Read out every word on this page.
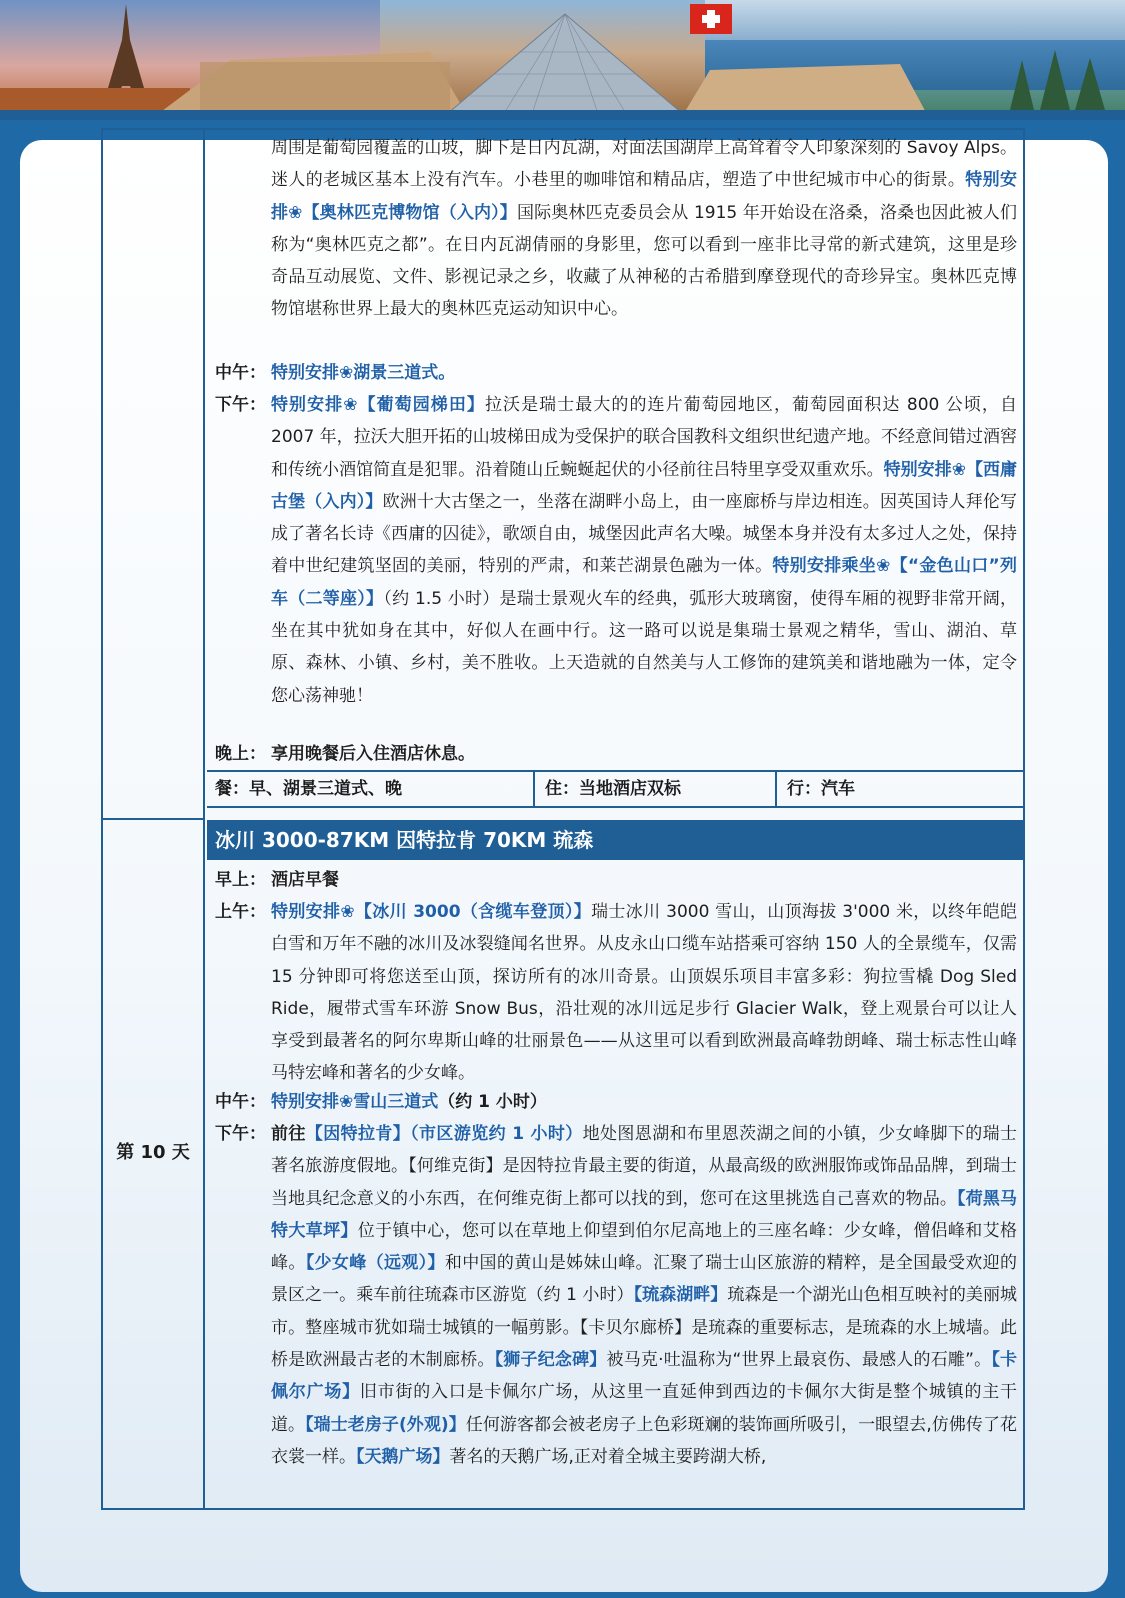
第 10 天
周围是葡萄园覆盖的山坡，脚下是日内瓦湖，对面法国湖岸上高耸着令人印象深刻的 Savoy Alps。迷人的老城区基本上没有汽车。小巷里的咖啡馆和精品店，塑造了中世纪城市中心的街景。特别安排❀【奥林匹克博物馆（入内）】国际奥林匹克委员会从 1915 年开始设在洛桑，洛桑也因此被人们称为“奥林匹克之都”。在日内瓦湖倩丽的身影里，您可以看到一座非比寻常的新式建筑，这里是珍奇品互动展览、文件、影视记录之乡，收藏了从神秘的古希腊到摩登现代的奇珍异宝。奥林匹克博物馆堪称世界上最大的奥林匹克运动知识中心。
中午： 特别安排❀湖景三道式。
下午： 特别安排❀【葡萄园梯田】拉沃是瑞士最大的的连片葡萄园地区，葡萄园面积达 800 公顷，自 2007 年，拉沃大胆开拓的山坡梯田成为受保护的联合国教科文组织世纪遗产地。不经意间错过酒窖和传统小酒馆简直是犯罪。沿着随山丘蜿蜒起伏的小径前往吕特里享受双重欢乐。特别安排❀【西庸古堡（入内）】欧洲十大古堡之一，坐落在湖畔小岛上，由一座廊桥与岸边相连。因英国诗人拜伦写成了著名长诗《西庸的囚徒》，歌颂自由，城堡因此声名大噪。城堡本身并没有太多过人之处，保持着中世纪建筑坚固的美丽，特别的严肃，和莱芒湖景色融为一体。特别安排乘坐❀【“金色山口”列车（二等座）】（约 1.5 小时）是瑞士景观火车的经典，弧形大玻璃窗，使得车厢的视野非常开阔，坐在其中犹如身在其中，好似人在画中行。这一路可以说是集瑞士景观之精华，雪山、湖泊、草原、森林、小镇、乡村，美不胜收。上天造就的自然美与人工修饰的建筑美和谐地融为一体，定令您心荡神驰！
晚上： 享用晚餐后入住酒店休息。
餐：早、湖景三道式、晚	住：当地酒店双标	行：汽车
冰川 3000-87KM 因特拉肯 70KM 琉森
早上： 酒店早餐
上午： 特别安排❀【冰川 3000（含缆车登顶）】瑞士冰川 3000 雪山，山顶海拔 3'000 米，以终年皑皑白雪和万年不融的冰川及冰裂缝闻名世界。从皮永山口缆车站搭乘可容纳 150 人的全景缆车，仅需 15 分钟即可将您送至山顶，探访所有的冰川奇景。山顶娱乐项目丰富多彩：狗拉雪橇 Dog Sled Ride，履带式雪车环游 Snow Bus，沿壮观的冰川远足步行 Glacier Walk，登上观景台可以让人享受到最著名的阿尔卑斯山峰的壮丽景色——从这里可以看到欧洲最高峰勃朗峰、瑞士标志性山峰马特宏峰和著名的少女峰。
中午： 特别安排❀雪山三道式（约 1 小时）
下午： 前往【因特拉肯】（市区游览约 1 小时）地处图恩湖和布里恩茨湖之间的小镇，少女峰脚下的瑞士著名旅游度假地。【何维克街】是因特拉肯最主要的街道，从最高级的欧洲服饰或饰品品牌，到瑞士当地具纪念意义的小东西，在何维克街上都可以找的到，您可在这里挑选自己喜欢的物品。【荷黑马特大草坪】位于镇中心，您可以在草地上仰望到伯尔尼高地上的三座名峰：少女峰，僧侣峰和艾格峰。【少女峰（远观）】和中国的黄山是姊妹山峰。汇聚了瑞士山区旅游的精粹，是全国最受欢迎的景区之一。乘车前往琉森市区游览（约 1 小时）【琉森湖畔】琉森是一个湖光山色相互映衬的美丽城市。整座城市犹如瑞士城镇的一幅剪影。【卡贝尔廊桥】是琉森的重要标志，是琉森的水上城墙。此桥是欧洲最古老的木制廊桥。【狮子纪念碑】被马克·吐温称为“世界上最哀伤、最感人的石雕”。【卡佩尔广场】旧市街的入口是卡佩尔广场，从这里一直延伸到西边的卡佩尔大街是整个城镇的主干道。【瑞士老房子(外观)】任何游客都会被老房子上色彩斑斓的装饰画所吸引，一眼望去,仿佛传了花衣裳一样。【天鹅广场】著名的天鹅广场,正对着全城主要跨湖大桥,
